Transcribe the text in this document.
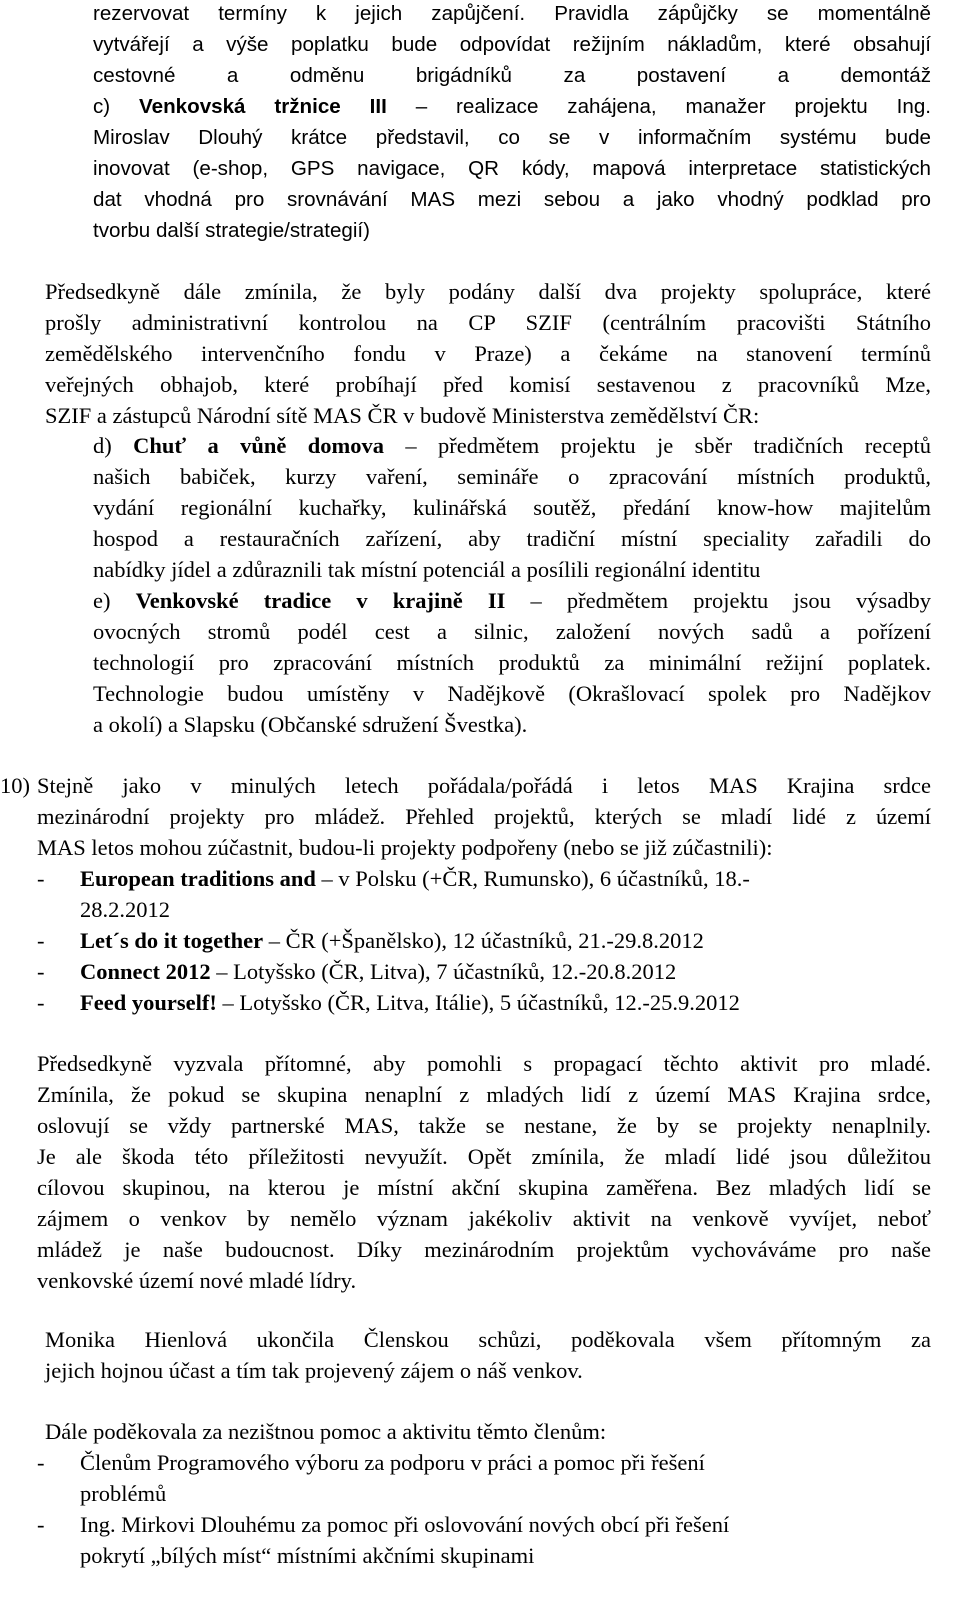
rezervovat termíny k jejich zapůjčení. Pravidla zápůjčky se momentálně
vytvářejí a výše poplatku bude odpovídat režijním nákladům, které obsahují
cestovné a odměnu brigádníků za postavení a demontáž
c) Venkovská tržnice III – realizace zahájena, manažer projektu Ing.
Miroslav Dlouhý krátce představil, co se v informačním systému bude
inovovat (e-shop, GPS navigace, QR kódy, mapová interpretace statistických
dat vhodná pro srovnávání MAS mezi sebou a jako vhodný podklad pro
tvorbu další strategie/strategií)

Předsedkyně dále zmínila, že byly podány další dva projekty spolupráce, které
prošly administrativní kontrolou na CP SZIF (centrálním pracovišti Státního
zemědělského intervenčního fondu v Praze) a čekáme na stanovení termínů
veřejných obhajob, které probíhají před komisí sestavenou z pracovníků Mze,
SZIF a zástupců Národní sítě MAS ČR v budově Ministerstva zemědělství ČR:

d) Chuť a vůně domova – předmětem projektu je sběr tradičních receptů
našich babiček, kurzy vaření, semináře o zpracování místních produktů,
vydání regionální kuchařky, kulinářská soutěž, předání know-how majitelům
hospod a restauračních zařízení, aby tradiční místní speciality zařadili do
nabídky jídel a zdůraznili tak místní potenciál a posílili regionální identitu

e) Venkovské tradice v krajině II – předmětem projektu jsou výsadby
ovocných stromů podél cest a silnic, založení nových sadů a pořízení
technologií pro zpracování místních produktů za minimální režijní poplatek.
Technologie budou umístěny v Nadějkově (Okrašlovací spolek pro Nadějkov
a okolí) a Slapsku (Občanské sdružení Švestka).

10) Stejně jako v minulých letech pořádala/pořádá i letos MAS Krajina srdce
mezinárodní projekty pro mládež. Přehled projektů, kterých se mladí lidé z území
MAS letos mohou zúčastnit, budou-li projekty podpořeny (nebo se již zúčastnili):

- European traditions and – v Polsku (+ČR, Rumunsko), 6 účastníků, 18.-
28.2.2012
- Let´s do it together – ČR (+Španělsko), 12 účastníků, 21.-29.8.2012
- Connect 2012 – Lotyšsko (ČR, Litva), 7 účastníků, 12.-20.8.2012
- Feed yourself! – Lotyšsko (ČR, Litva, Itálie), 5 účastníků, 12.-25.9.2012

Předsedkyně vyzvala přítomné, aby pomohli s propagací těchto aktivit pro mladé.
Zmínila, že pokud se skupina nenaplní z mladých lidí z území MAS Krajina srdce,
oslovují se vždy partnerské MAS, takže se nestane, že by se projekty nenaplnily.
Je ale škoda této příležitosti nevyužít. Opět zmínila, že mladí lidé jsou důležitou
cílovou skupinou, na kterou je místní akční skupina zaměřena. Bez mladých lidí se
zájmem o venkov by nemělo význam jakékoliv aktivit na venkově vyvíjet, neboť
mládež je naše budoucnost. Díky mezinárodním projektům vychováváme pro naše
venkovské území nové mladé lídry.

Monika Hienlová ukončila Členskou schůzi, poděkovala všem přítomným za
jejich hojnou účast a tím tak projevený zájem o náš venkov.

Dále poděkovala za nezištnou pomoc a aktivitu těmto členům:

- Členům Programového výboru za podporu v práci a pomoc při řešení
problémů
- Ing. Mirkovi Dlouhému za pomoc při oslovování nových obcí při řešení
pokrytí „bílých míst“ místními akčními skupinami
